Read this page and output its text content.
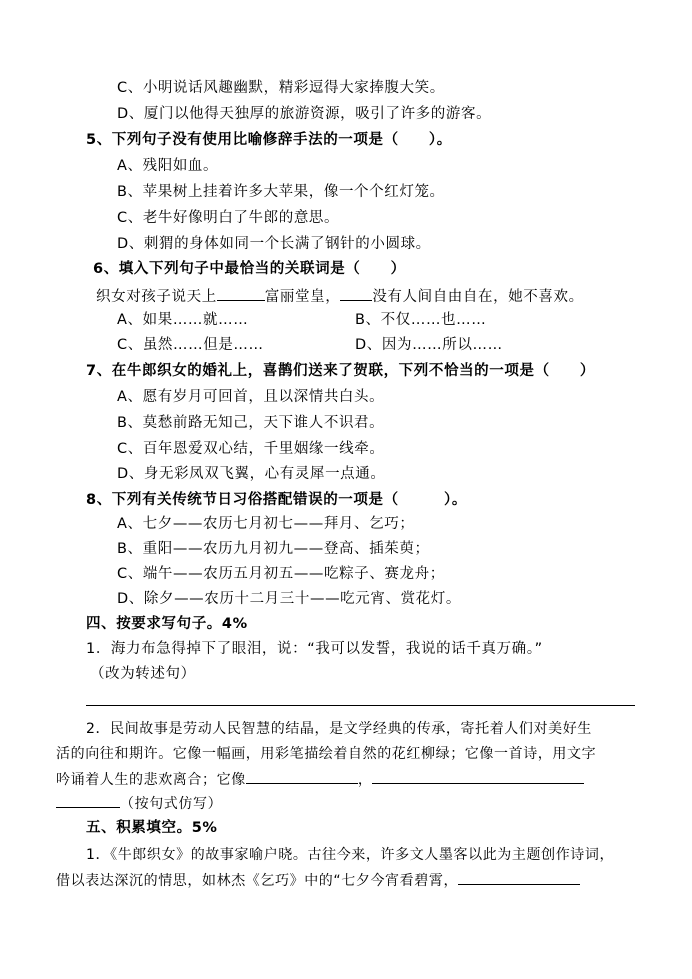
C、小明说话风趣幽默，精彩逗得大家捧腹大笑。
D、厦门以他得天独厚的旅游资源，吸引了许多的游客。
5、下列句子没有使用比喻修辞手法的一项是（　　）。
A、残阳如血。
B、苹果树上挂着许多大苹果，像一个个红灯笼。
C、老牛好像明白了牛郎的意思。
D、刺猬的身体如同一个长满了钢针的小圆球。
6、填入下列句子中最恰当的关联词是（　　）
织女对孩子说天上	富丽堂皇， 没有人间自由自在，她不喜欢。
A、如果……就……	B、不仅……也……
C、虽然……但是……	D、因为……所以……
7、在牛郎织女的婚礼上，喜鹊们送来了贺联，下列不恰当的一项是（　　）
A、愿有岁月可回首，且以深情共白头。
B、莫愁前路无知己，天下谁人不识君。
C、百年恩爱双心结，千里姻缘一线牵。
D、身无彩凤双飞翼，心有灵犀一点通。
8、下列有关传统节日习俗搭配错误的一项是（　　　）。
A、七夕——农历七月初七——拜月、乞巧；
B、重阳——农历九月初九——登高、插茱萸；
C、端午——农历五月初五——吃粽子、赛龙舟；
D、除夕——农历十二月三十——吃元宵、赏花灯。
四、按要求写句子。4%
1．海力布急得掉下了眼泪，说：“我可以发誓，我说的话千真万确。”
（改为转述句）
2．民间故事是劳动人民智慧的结晶，是文学经典的传承，寄托着人们对美好生
活的向往和期许。它像一幅画，用彩笔描绘着自然的花红柳绿；它像一首诗，用文字
吟诵着人生的悲欢离合；它像	，
（按句式仿写）
五、积累填空。5%
1．《牛郎织女》的故事家喻户晓。古往今来，许多文人墨客以此为主题创作诗词，
借以表达深沉的情思，如林杰《乞巧》中的“七夕今宵看碧霄，
